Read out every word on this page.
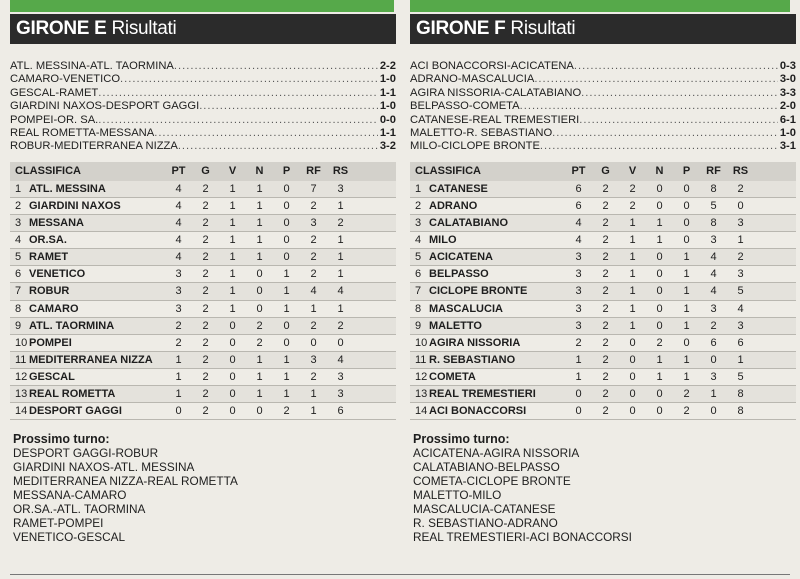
GIRONE E Risultati
ATL. MESSINA-ATL. TAORMINA .....	2-2
CAMARO-VENETICO .....	1-0
GESCAL-RAMET .....	1-1
GIARDINI NAXOS-DESPORT GAGGI .....	1-0
POMPEI-OR. SA. .....	0-0
REAL ROMETTA-MESSANA .....	1-1
ROBUR-MEDITERRANEA NIZZA .....	3-2
CLASSIFICA	PT	G	V	N	P	RF	RS
1 ATL. MESSINA	4	2	1	1	0	7	3
2 GIARDINI NAXOS	4	2	1	1	0	2	1
3 MESSANA	4	2	1	1	0	3	2
4 OR.SA.	4	2	1	1	0	2	1
5 RAMET	4	2	1	1	0	2	1
6 VENETICO	3	2	1	0	1	2	1
7 ROBUR	3	2	1	0	1	4	4
8 CAMARO	3	2	1	0	1	1	1
9 ATL. TAORMINA	2	2	0	2	0	2	2
10 POMPEI	2	2	0	2	0	0	0
11 MEDITERRANEA NIZZA	1	2	0	1	1	3	4
12 GESCAL	1	2	0	1	1	2	3
13 REAL ROMETTA	1	2	0	1	1	1	3
14 DESPORT GAGGI	0	2	0	0	2	1	6
Prossimo turno:
DESPORT GAGGI-ROBUR
GIARDINI NAXOS-ATL. MESSINA
MEDITERRANEA NIZZA-REAL ROMETTA
MESSANA-CAMARO
OR.SA.-ATL. TAORMINA
RAMET-POMPEI
VENETICO-GESCAL
GIRONE F Risultati
ACI BONACCORSI-ACICATENA .....	0-3
ADRANO-MASCALUCIA .....	3-0
AGIRA NISSORIA-CALATABIANO .....	3-3
BELPASSO-COMETA .....	2-0
CATANESE-REAL TREMESTIERI .....	6-1
MALETTO-R. SEBASTIANO .....	1-0
MILO-CICLOPE BRONTE .....	3-1
CLASSIFICA	PT	G	V	N	P	RF	RS
1 CATANESE	6	2	2	0	0	8	2
2 ADRANO	6	2	2	0	0	5	0
3 CALATABIANO	4	2	1	1	0	8	3
4 MILO	4	2	1	1	0	3	1
5 ACICATENA	3	2	1	0	1	4	2
6 BELPASSO	3	2	1	0	1	4	3
7 CICLOPE BRONTE	3	2	1	0	1	4	5
8 MASCALUCIA	3	2	1	0	1	3	4
9 MALETTO	3	2	1	0	1	2	3
10 AGIRA NISSORIA	2	2	0	2	0	6	6
11 R. SEBASTIANO	1	2	0	1	1	0	1
12 COMETA	1	2	0	1	1	3	5
13 REAL TREMESTIERI	0	2	0	0	2	1	8
14 ACI BONACCORSI	0	2	0	0	2	0	8
Prossimo turno:
ACICATENA-AGIRA NISSORIA
CALATABIANO-BELPASSO
COMETA-CICLOPE BRONTE
MALETTO-MILO
MASCALUCIA-CATANESE
R. SEBASTIANO-ADRANO
REAL TREMESTIERI-ACI BONACCORSI
